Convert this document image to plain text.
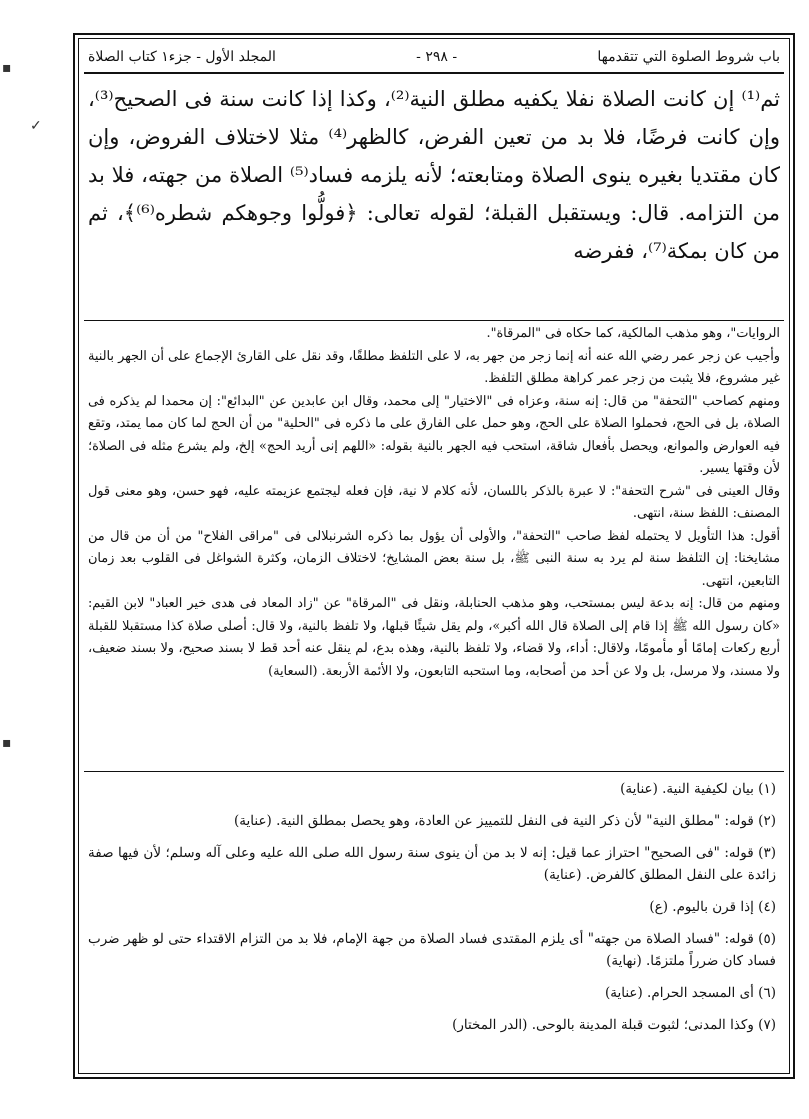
▪
✓
▪
باب شروط الصلوة التي تتقدمها
- ٢٩٨ -
المجلد الأول - جزء١ كتاب الصلاة

ثم⁽¹⁾ إن كانت الصلاة نفلا يكفيه مطلق النية⁽²⁾، وكذا إذا كانت سنة فى الصحيح⁽³⁾، وإن كانت فرضًا، فلا بد من تعين الفرض، كالظهر⁽⁴⁾ مثلا لاختلاف الفروض، وإن كان مقتديا بغيره ينوى الصلاة ومتابعته؛ لأنه يلزمه فساد⁽⁵⁾ الصلاة من جهته، فلا بد من التزامه. قال: ويستقبل القبلة؛ لقوله تعالى: ﴿فولُّوا وجوهكم شطره⁽⁶⁾﴾، ثم من كان بمكة⁽⁷⁾، ففرضه

الروايات"، وهو مذهب المالكية، كما حكاه فى "المرقاة".

وأجيب عن زجر عمر رضي الله عنه أنه إنما زجر من جهر به، لا على التلفظ مطلقًا، وقد نقل على القارئ الإجماع على أن الجهر بالنية غير مشروع، فلا يثبت من زجر عمر كراهة مطلق التلفظ.

ومنهم كصاحب "التحفة" من قال: إنه سنة، وعزاه فى "الاختيار" إلى محمد، وقال ابن عابدين عن "البدائع": إن محمدا لم يذكره فى الصلاة، بل فى الحج، فحملوا الصلاة على الحج، وهو حمل على الفارق على ما ذكره فى "الحلية" من أن الحج لما كان مما يمتد، وتقع فيه العوارض والموانع، ويحصل بأفعال شاقة، استحب فيه الجهر بالنية بقوله: «اللهم إنى أريد الحج» إلخ، ولم يشرع مثله فى الصلاة؛ لأن وقتها يسير.

وقال العينى فى "شرح التحفة": لا عبرة بالذكر باللسان، لأنه كلام لا نية، فإن فعله ليجتمع عزيمته عليه، فهو حسن، وهو معنى قول المصنف: اللفظ سنة، انتهى.

أقول: هذا التأويل لا يحتمله لفظ صاحب "التحفة"، والأولى أن يؤول بما ذكره الشرنبلالى فى "مراقى الفلاح" من أن من قال من مشايخنا: إن التلفظ سنة لم يرد به سنة النبى ﷺ، بل سنة بعض المشايخ؛ لاختلاف الزمان، وكثرة الشواغل فى القلوب بعد زمان التابعين، انتهى.

ومنهم من قال: إنه بدعة ليس بمستحب، وهو مذهب الحنابلة، ونقل فى "المرقاة" عن "زاد المعاد فى هدى خير العباد" لابن القيم: «كان رسول الله ﷺ إذا قام إلى الصلاة قال الله أكبر»، ولم يقل شيئًا قبلها، ولا تلفظ بالنية، ولا قال: أصلى صلاة كذا مستقبلا للقبلة أربع ركعات إمامًا أو مأمومًا، ولاقال: أداء، ولا قضاء، ولا تلفظ بالنية، وهذه بدع، لم ينقل عنه أحد قط لا بسند صحيح، ولا بسند ضعيف، ولا مسند، ولا مرسل، بل ولا عن أحد من أصحابه، وما استحبه التابعون، ولا الأئمة الأربعة. (السعاية)

(١) بيان لكيفية النية. (عناية)

(٢) قوله: "مطلق النية" لأن ذكر النية فى النفل للتمييز عن العادة، وهو يحصل بمطلق النية. (عناية)

(٣) قوله: "فى الصحيح" احتراز عما قيل: إنه لا بد من أن ينوى سنة رسول الله صلى الله عليه وعلى آله وسلم؛ لأن فيها صفة زائدة على النفل المطلق كالفرض. (عناية)

(٤) إذا قرن باليوم. (ع)

(٥) قوله: "فساد الصلاة من جهته" أى يلزم المقتدى فساد الصلاة من جهة الإمام، فلا بد من التزام الاقتداء حتى لو ظهر ضرب فساد كان ضرراً ملتزمًا. (نهاية)

(٦) أى المسجد الحرام. (عناية)

(٧) وكذا المدنى؛ لثبوت قبلة المدينة بالوحى. (الدر المختار)
